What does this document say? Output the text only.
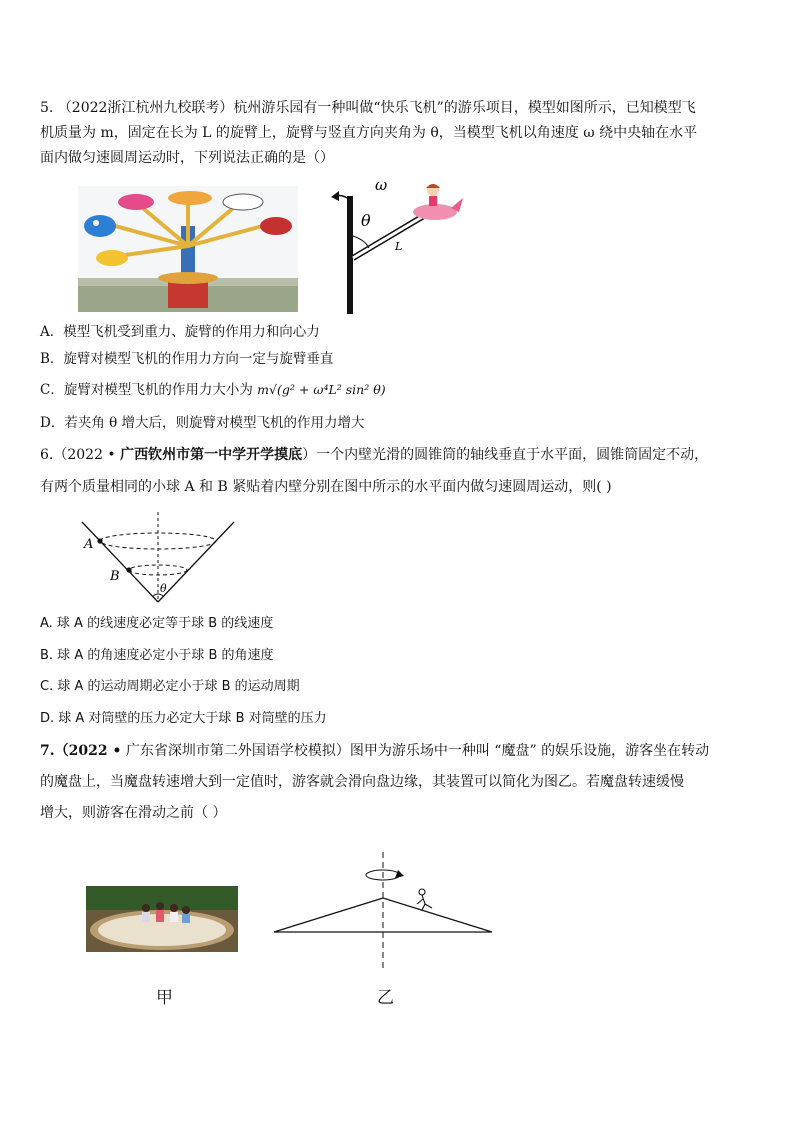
5. （2022浙江杭州九校联考）杭州游乐园有一种叫做“快乐飞机”的游乐项目，模型如图所示，已知模型飞
机质量为 m，固定在长为 L 的旋臂上，旋臂与竖直方向夹角为 θ，当模型飞机以角速度 ω 绕中央轴在水平
面内做匀速圆周运动时，下列说法正确的是（）
ω
θ
L
A．模型飞机受到重力、旋臂的作用力和向心力
B．旋臂对模型飞机的作用力方向一定与旋臂垂直
C．旋臂对模型飞机的作用力大小为 m√(g² + ω⁴L² sin² θ)
D．若夹角 θ 增大后，则旋臂对模型飞机的作用力增大
6.（2022 • 广西钦州市第一中学开学摸底）一个内壁光滑的圆锥筒的轴线垂直于水平面，圆锥筒固定不动，
有两个质量相同的小球 A 和 B 紧贴着内壁分别在图中所示的水平面内做匀速圆周运动，则( )
A
B
θ
A. 球 A 的线速度必定等于球 B 的线速度
B. 球 A 的角速度必定小于球 B 的角速度
C. 球 A 的运动周期必定小于球 B 的运动周期
D. 球 A 对筒壁的压力必定大于球 B 对筒壁的压力
7.（2022 • 广东省深圳市第二外国语学校模拟）图甲为游乐场中一种叫 “魔盘” 的娱乐设施，游客坐在转动
的魔盘上，当魔盘转速增大到一定值时，游客就会滑向盘边缘，其装置可以简化为图乙。若魔盘转速缓慢
增大，则游客在滑动之前（ ）
甲	乙
